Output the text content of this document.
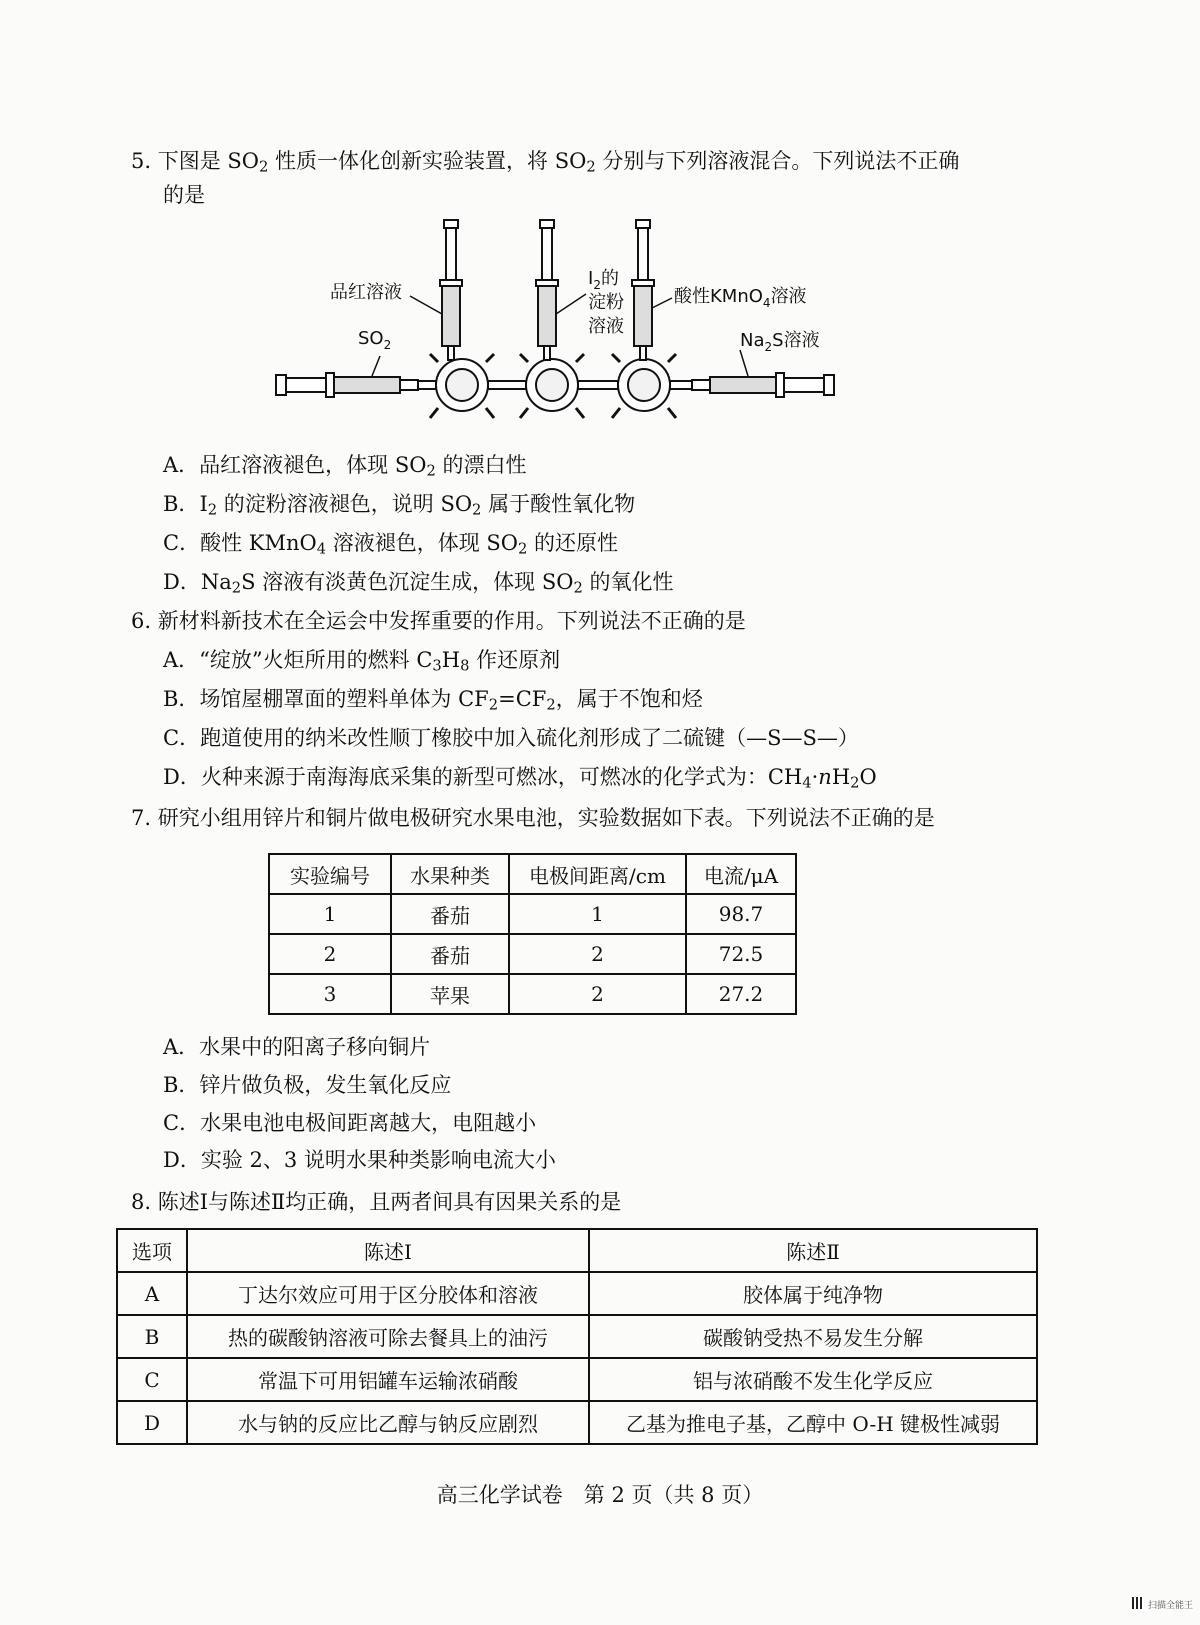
5. 下图是 $SO_2$ 性质一体化创新实验装置，将 $SO_2$ 分别与下列溶液混合。下列说法不正确
的是
品红溶液
$SO_2$
$I_2$的
淀粉
溶液
酸性KMnO$_4$溶液
$Na_2S$溶液
A．品红溶液褪色，体现 $SO_2$ 的漂白性
B．$I_2$ 的淀粉溶液褪色，说明 $SO_2$ 属于酸性氧化物
C．酸性 KMnO$_4$ 溶液褪色，体现 $SO_2$ 的还原性
D．$Na_2S$ 溶液有淡黄色沉淀生成，体现 $SO_2$ 的氧化性
6. 新材料新技术在全运会中发挥重要的作用。下列说法不正确的是
A．“绽放”火炬所用的燃料 $C_3H_8$ 作还原剂
B．场馆屋棚罩面的塑料单体为 $CF_2=CF_2$，属于不饱和烃
C．跑道使用的纳米改性顺丁橡胶中加入硫化剂形成了二硫键（—S—S—）
D．火种来源于南海海底采集的新型可燃冰，可燃冰的化学式为：$CH_4\cdot nH_2O$
7. 研究小组用锌片和铜片做电极研究水果电池，实验数据如下表。下列说法不正确的是
实验编号	水果种类	电极间距离/cm	电流/μA
1	番茄	1	98.7
2	番茄	2	72.5
3	苹果	2	27.2
A．水果中的阳离子移向铜片
B．锌片做负极，发生氧化反应
C．水果电池电极间距离越大，电阻越小
D．实验 2、3 说明水果种类影响电流大小
8. 陈述Ⅰ与陈述Ⅱ均正确，且两者间具有因果关系的是
选项	陈述Ⅰ	陈述Ⅱ
A	丁达尔效应可用于区分胶体和溶液	胶体属于纯净物
B	热的碳酸钠溶液可除去餐具上的油污	碳酸钠受热不易发生分解
C	常温下可用铝罐车运输浓硝酸	铝与浓硝酸不发生化学反应
D	水与钠的反应比乙醇与钠反应剧烈	乙基为推电子基，乙醇中 O-H 键极性减弱
高三化学试卷　第 2 页（共 8 页）
扫描全能王
